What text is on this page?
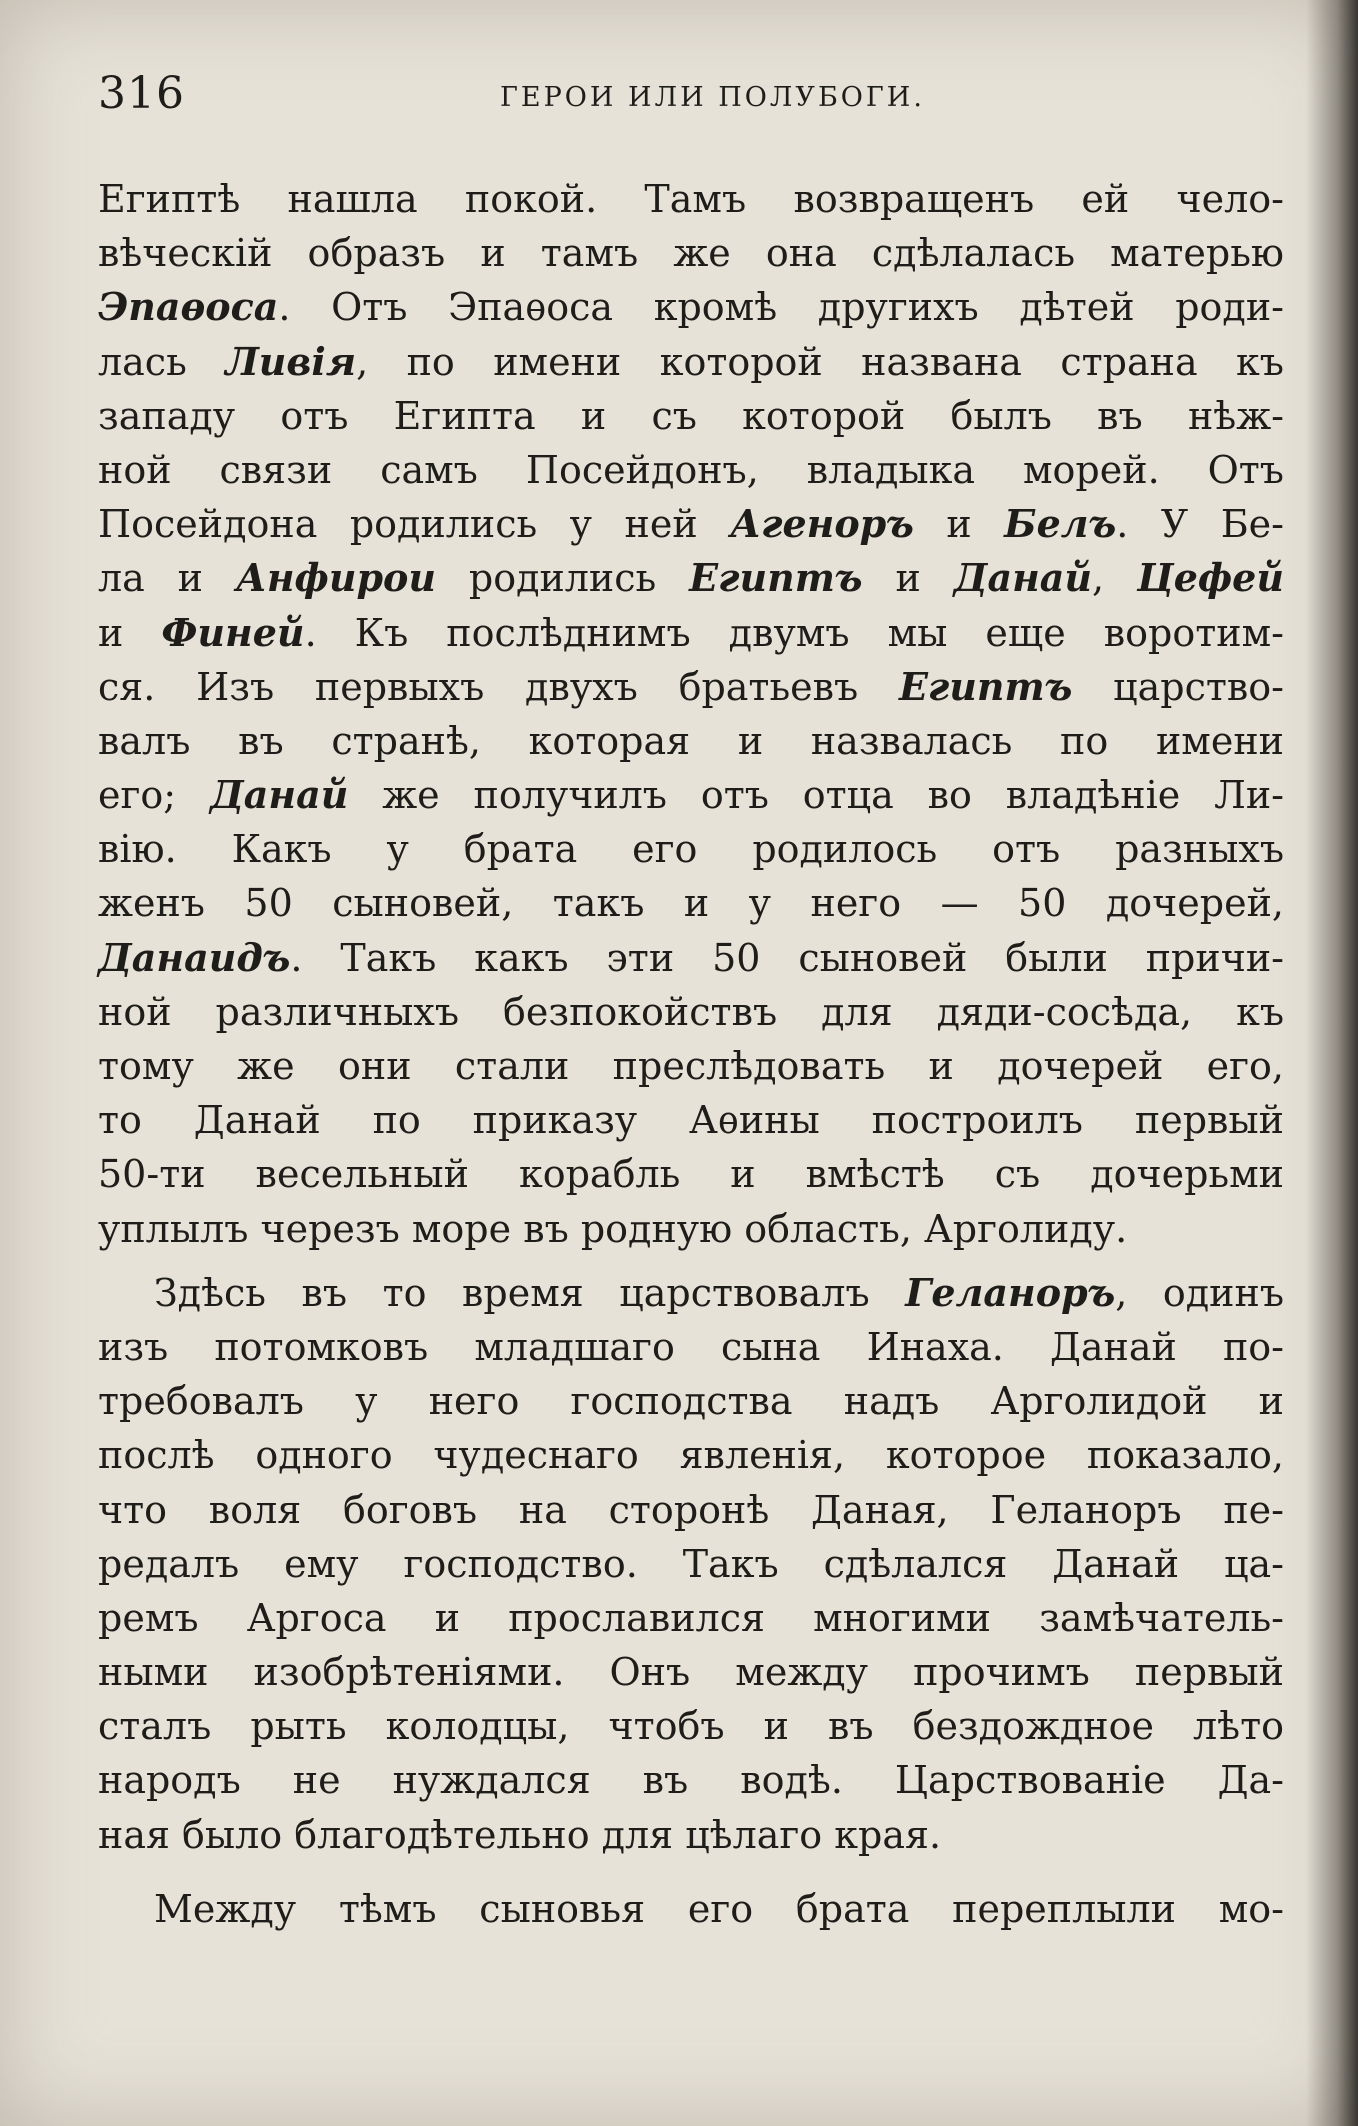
316	ГЕРОИ ИЛИ ПОЛУБОГИ.
Египтѣ нашла покой. Тамъ возвращенъ ей чело-
вѣческій образъ и тамъ же она сдѣлалась матерью
Эпаѳоса. Отъ Эпаѳоса кромѣ другихъ дѣтей роди-
лась Ливія, по имени которой названа страна къ
западу отъ Египта и съ которой былъ въ нѣж-
ной связи самъ Посейдонъ, владыка морей. Отъ
Посейдона родились у ней Агеноръ и Белъ. У Бе-
ла и Анфирои родились Египтъ и Данай, Цефей
и Финей. Къ послѣднимъ двумъ мы еще воротим-
ся. Изъ первыхъ двухъ братьевъ Египтъ царство-
валъ въ странѣ, которая и назвалась по имени
его; Данай же получилъ отъ отца во владѣніе Ли-
вію. Какъ у брата его родилось отъ разныхъ
женъ 50 сыновей, такъ и у него — 50 дочерей,
Данаидъ. Такъ какъ эти 50 сыновей были причи-
ной различныхъ безпокойствъ для дяди-сосѣда, къ
тому же они стали преслѣдовать и дочерей его,
то Данай по приказу Аѳины построилъ первый
50-ти весельный корабль и вмѣстѣ съ дочерьми
уплылъ черезъ море въ родную область, Арголиду.
Здѣсь въ то время царствовалъ Геланоръ, одинъ
изъ потомковъ младшаго сына Инаха. Данай по-
требовалъ у него господства надъ Арголидой и
послѣ одного чудеснаго явленія, которое показало,
что воля боговъ на сторонѣ Даная, Геланоръ пе-
редалъ ему господство. Такъ сдѣлался Данай ца-
ремъ Аргоса и прославился многими замѣчатель-
ными изобрѣтеніями. Онъ между прочимъ первый
сталъ рыть колодцы, чтобъ и въ бездождное лѣто
народъ не нуждался въ водѣ. Царствованіе Да-
ная было благодѣтельно для цѣлаго края.
Между тѣмъ сыновья его брата переплыли мо-
